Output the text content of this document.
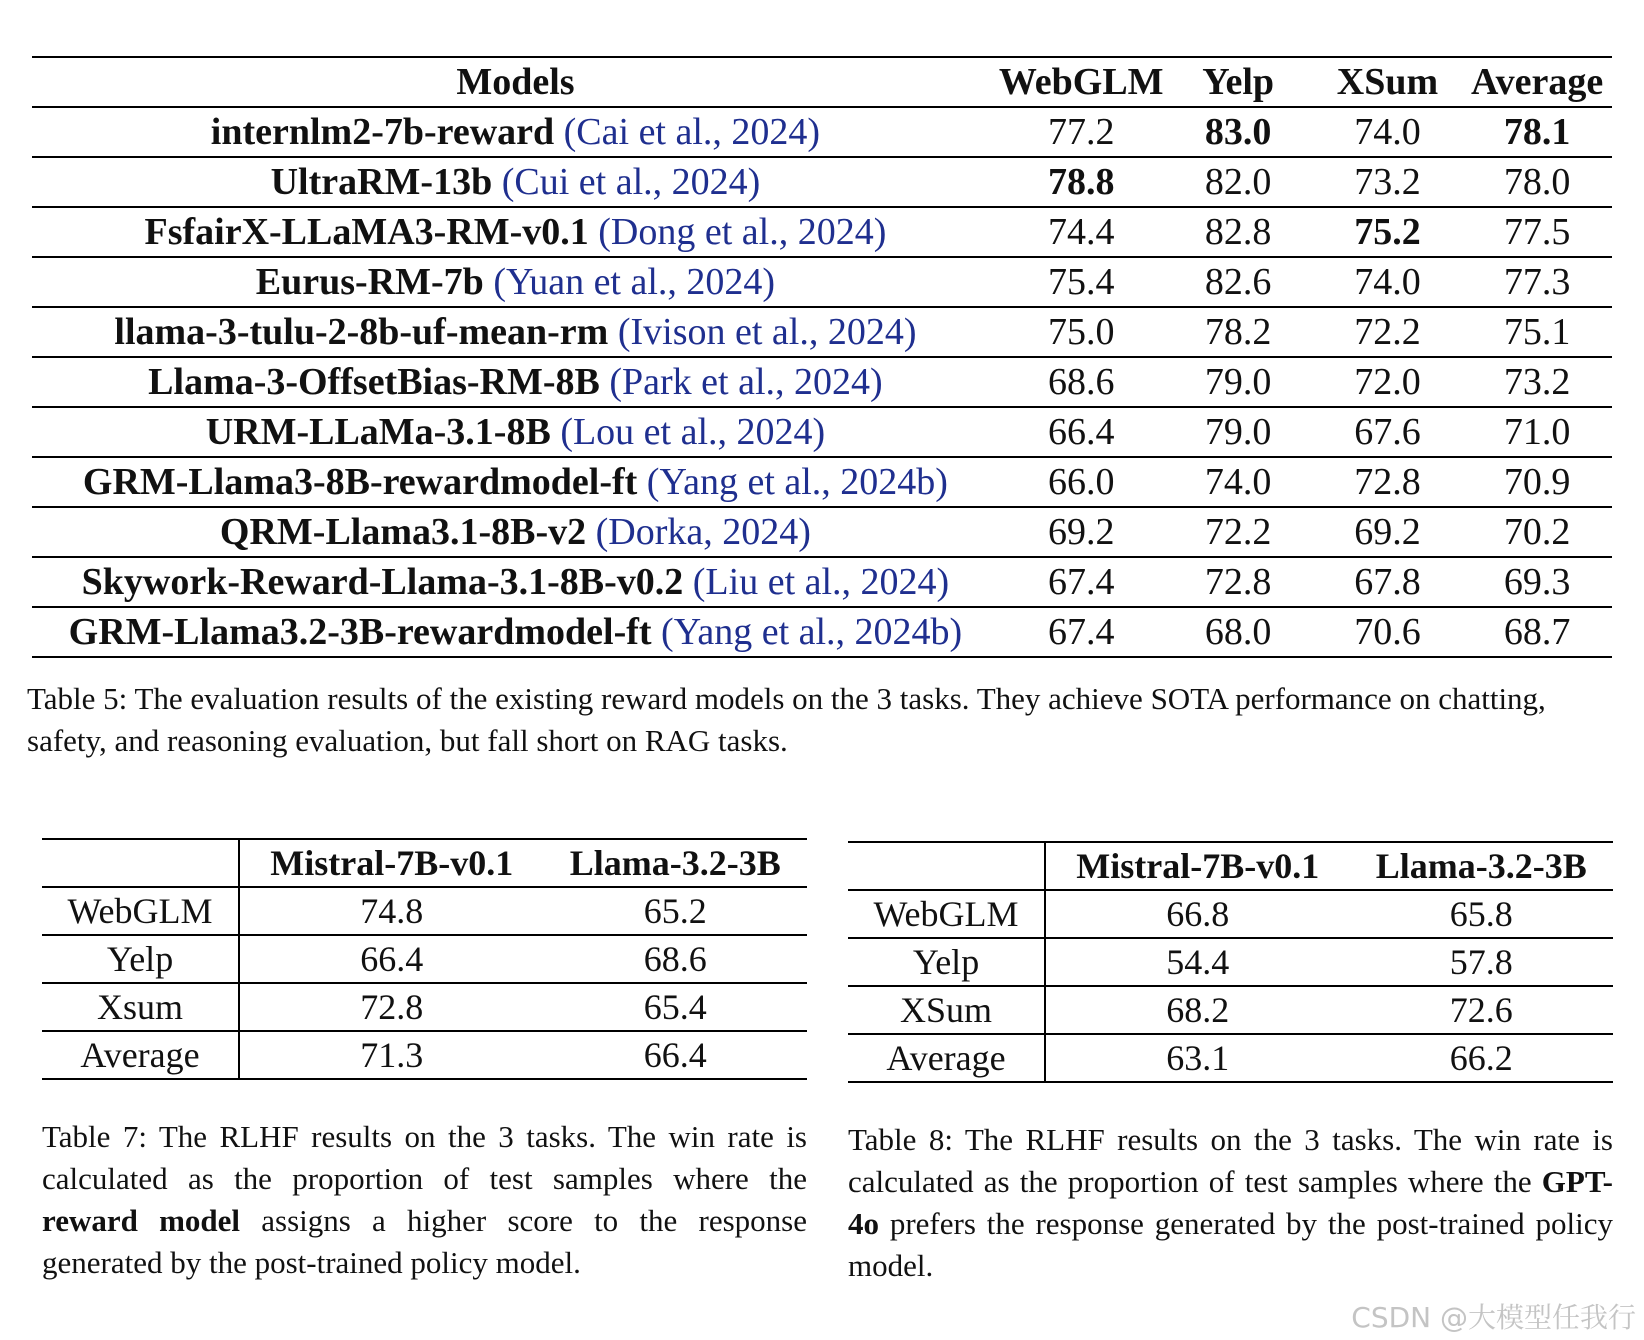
Models	WebGLM	Yelp	XSum	Average
internlm2-7b-reward (Cai et al., 2024)	77.2	83.0	74.0	78.1
UltraRM-13b (Cui et al., 2024)	78.8	82.0	73.2	78.0
FsfairX-LLaMA3-RM-v0.1 (Dong et al., 2024)	74.4	82.8	75.2	77.5
Eurus-RM-7b (Yuan et al., 2024)	75.4	82.6	74.0	77.3
llama-3-tulu-2-8b-uf-mean-rm (Ivison et al., 2024)	75.0	78.2	72.2	75.1
Llama-3-OffsetBias-RM-8B (Park et al., 2024)	68.6	79.0	72.0	73.2
URM-LLaMa-3.1-8B (Lou et al., 2024)	66.4	79.0	67.6	71.0
GRM-Llama3-8B-rewardmodel-ft (Yang et al., 2024b)	66.0	74.0	72.8	70.9
QRM-Llama3.1-8B-v2 (Dorka, 2024)	69.2	72.2	69.2	70.2
Skywork-Reward-Llama-3.1-8B-v0.2 (Liu et al., 2024)	67.4	72.8	67.8	69.3
GRM-Llama3.2-3B-rewardmodel-ft (Yang et al., 2024b)	67.4	68.0	70.6	68.7
Table 5: The evaluation results of the existing reward models on the 3 tasks. They achieve SOTA performance on chatting, safety, and reasoning evaluation, but fall short on RAG tasks.
	Mistral-7B-v0.1	Llama-3.2-3B
WebGLM	74.8	65.2
Yelp	66.4	68.6
Xsum	72.8	65.4
Average	71.3	66.4
Table 7: The RLHF results on the 3 tasks. The win rate is calculated as the proportion of test samples where the reward model assigns a higher score to the response generated by the post-trained policy model.
	Mistral-7B-v0.1	Llama-3.2-3B
WebGLM	66.8	65.8
Yelp	54.4	57.8
XSum	68.2	72.6
Average	63.1	66.2
Table 8: The RLHF results on the 3 tasks. The win rate is calculated as the proportion of test samples where the GPT-4o prefers the response generated by the post-trained policy model.
CSDN @大模型任我行
